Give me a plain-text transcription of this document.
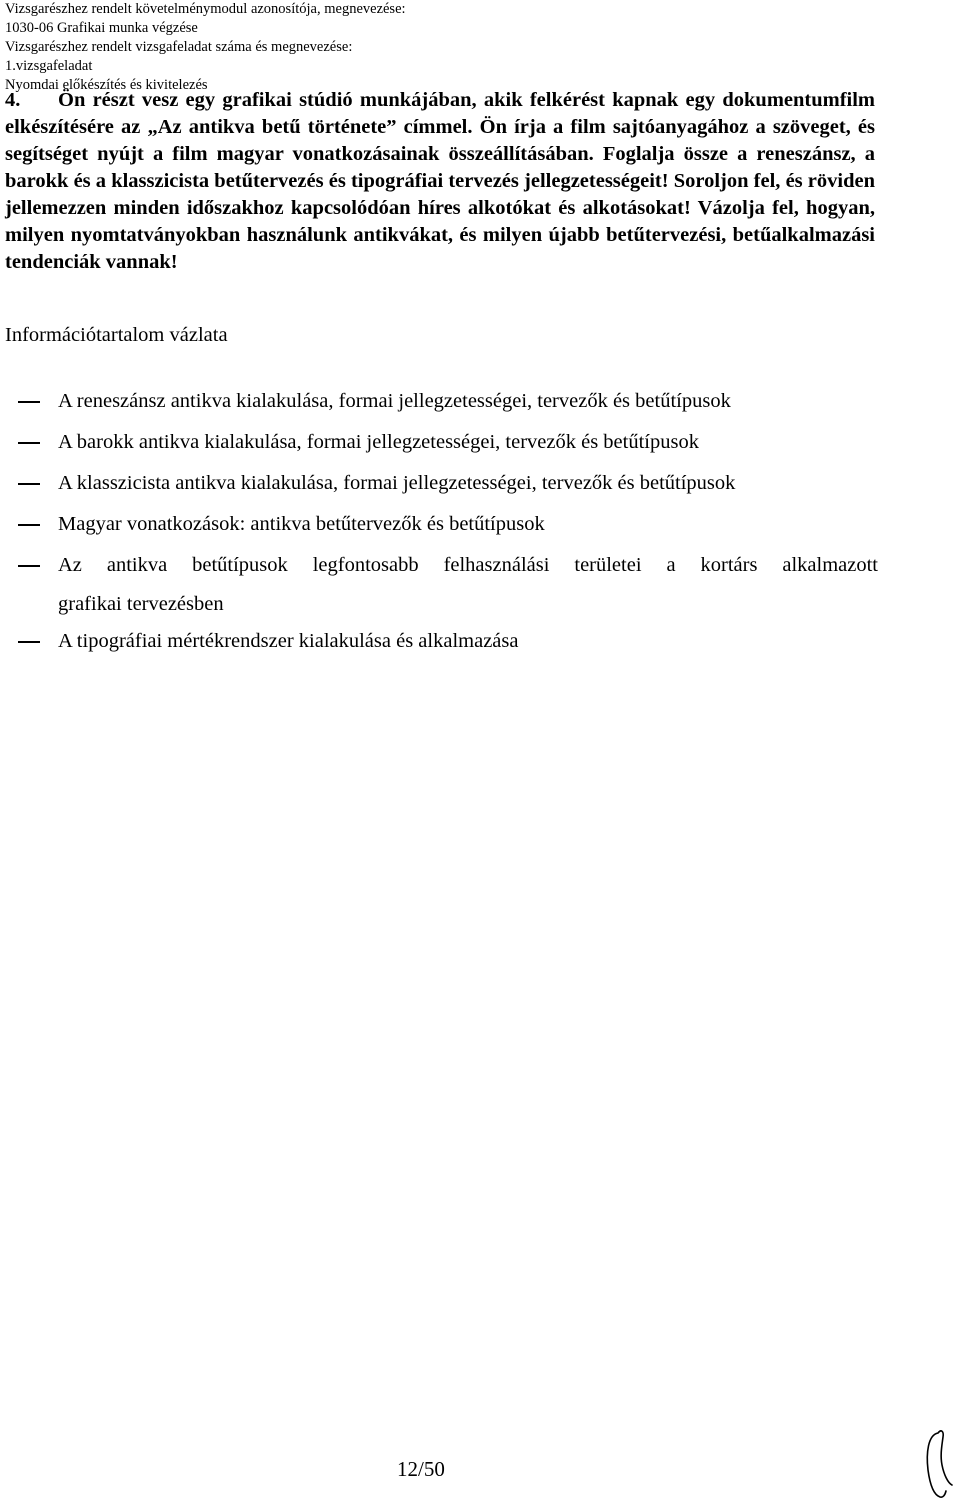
Vizsgarészhez rendelt követelménymodul azonosítója, megnevezése:
1030-06 Grafikai munka végzése
Vizsgarészhez rendelt vizsgafeladat száma és megnevezése:
1.vizsgafeladat
Nyomdai előkészítés és kivitelezés
4. Ön részt vesz egy grafikai stúdió munkájában, akik felkérést kapnak egy dokumentumfilm elkészítésére az „Az antikva betű története” címmel. Ön írja a film sajtóanyagához a szöveget, és segítséget nyújt a film magyar vonatkozásainak összeállításában. Foglalja össze a reneszánsz, a barokk és a klasszicista betűtervezés és tipográfiai tervezés jellegzetességeit! Soroljon fel, és röviden jellemezzen minden időszakhoz kapcsolódóan híres alkotókat és alkotásokat! Vázolja fel, hogyan, milyen nyomtatványokban használunk antikvákat, és milyen újabb betűtervezési, betűalkalmazási tendenciák vannak!
Információtartalom vázlata
A reneszánsz antikva kialakulása, formai jellegzetességei, tervezők és betűtípusok
A barokk antikva kialakulása, formai jellegzetességei, tervezők és betűtípusok
A klasszicista antikva kialakulása, formai jellegzetességei, tervezők és betűtípusok
Magyar vonatkozások: antikva betűtervezők és betűtípusok
Az antikva betűtípusok legfontosabb felhasználási területei a kortárs alkalmazott
grafikai tervezésben
A tipográfiai mértékrendszer kialakulása és alkalmazása
12/50
